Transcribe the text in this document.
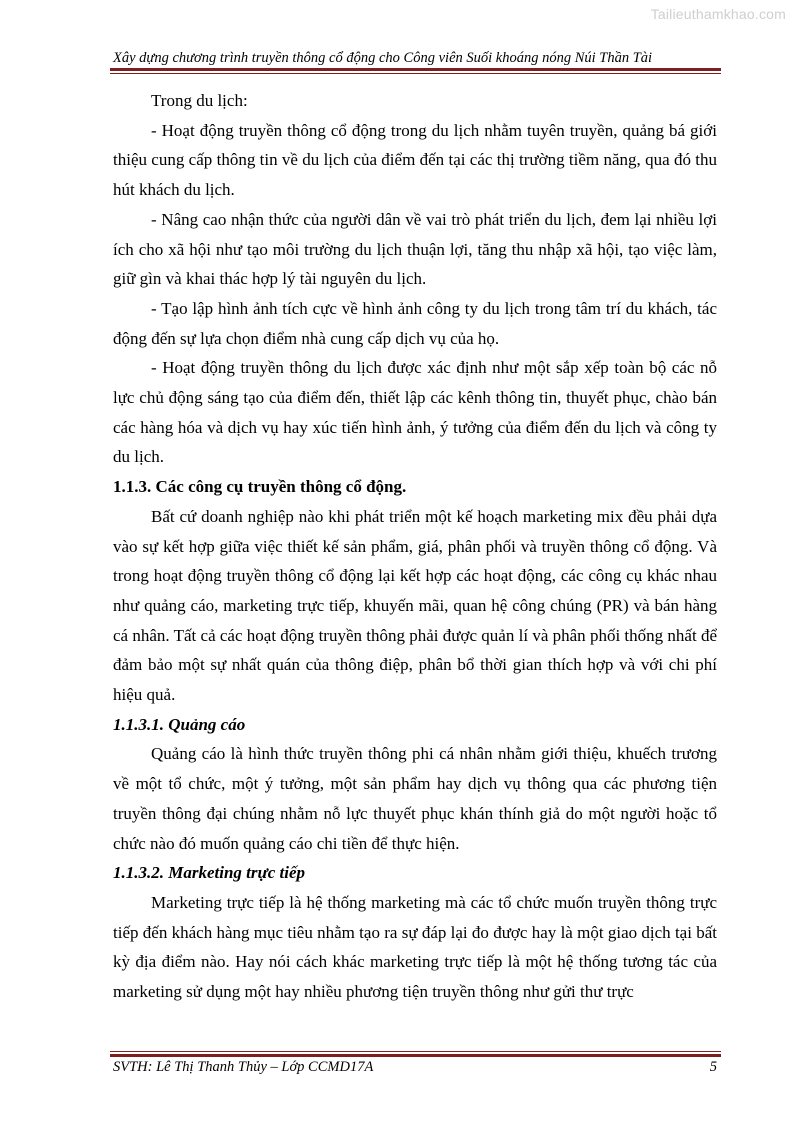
Tailieuthamkhao.com
Xây dựng chương trình truyền thông cổ động cho Công viên Suối khoáng nóng Núi Thần Tài

Trong du lịch:

- Hoạt động truyền thông cổ động trong du lịch nhằm tuyên truyền, quảng bá giới thiệu cung cấp thông tin về du lịch của điểm đến tại các thị trường tiềm năng, qua đó thu hút khách du lịch.

- Nâng cao nhận thức của người dân về vai trò phát triển du lịch, đem lại nhiều lợi ích cho xã hội như tạo môi trường du lịch thuận lợi, tăng thu nhập xã hội, tạo việc làm, giữ gìn và khai thác hợp lý tài nguyên du lịch.

- Tạo lập hình ảnh tích cực về hình ảnh công ty du lịch trong tâm trí du khách, tác động đến sự lựa chọn điểm nhà cung cấp dịch vụ của họ.

- Hoạt động truyền thông du lịch được xác định như một sắp xếp toàn bộ các nỗ lực chủ động sáng tạo của điểm đến, thiết lập các kênh thông tin, thuyết phục, chào bán các hàng hóa và dịch vụ hay xúc tiến hình ảnh, ý tưởng của điểm đến du lịch và công ty du lịch.

1.1.3. Các công cụ truyền thông cổ động.

Bất cứ doanh nghiệp nào khi phát triển một kế hoạch marketing mix đều phải dựa vào sự kết hợp giữa việc thiết kế sản phẩm, giá, phân phối và truyền thông cổ động. Và trong hoạt động truyền thông cổ động lại kết hợp các hoạt động, các công cụ khác nhau như quảng cáo, marketing trực tiếp, khuyến mãi, quan hệ công chúng (PR) và bán hàng cá nhân. Tất cả các hoạt động truyền thông phải được quản lí và phân phối thống nhất để đảm bảo một sự nhất quán của thông điệp, phân bổ thời gian thích hợp và với chi phí hiệu quả.

1.1.3.1. Quảng cáo

Quảng cáo là hình thức truyền thông phi cá nhân nhằm giới thiệu, khuếch trương về một tổ chức, một ý tưởng, một sản phẩm hay dịch vụ thông qua các phương tiện truyền thông đại chúng nhằm nỗ lực thuyết phục khán thính giả do một người hoặc tổ chức nào đó muốn quảng cáo chi tiền để thực hiện.

1.1.3.2. Marketing trực tiếp

Marketing trực tiếp là hệ thống marketing mà các tổ chức muốn truyền thông trực tiếp đến khách hàng mục tiêu nhằm tạo ra sự đáp lại đo được hay là một giao dịch tại bất kỳ địa điểm nào. Hay nói cách khác marketing trực tiếp là một hệ thống tương tác của marketing sử dụng một hay nhiều phương tiện truyền thông như gửi thư trực

SVTH: Lê Thị Thanh Thủy – Lớp CCMD17A	5
